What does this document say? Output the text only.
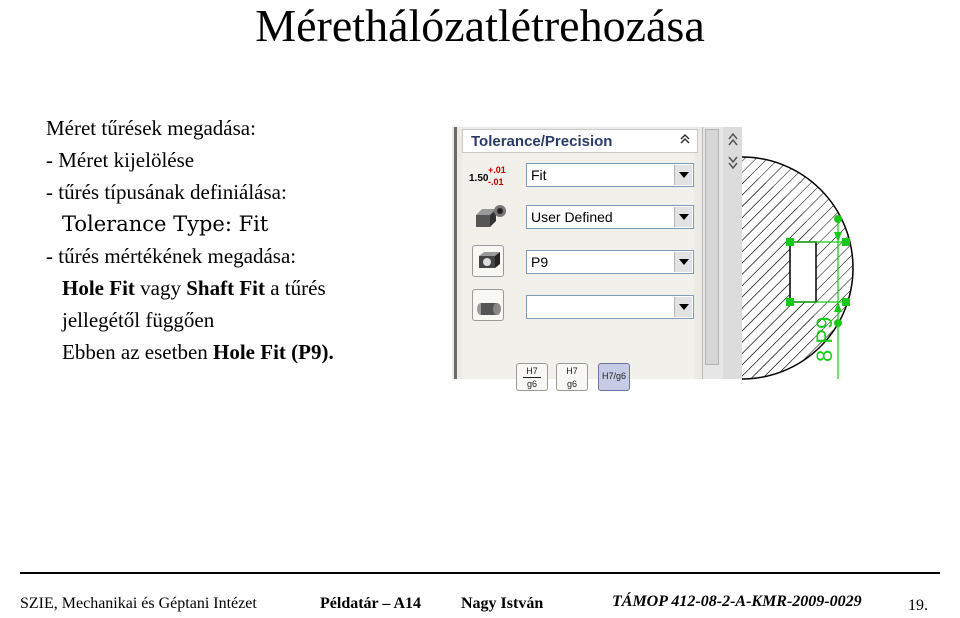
Mérethálózatlétrehozása
Méret tűrések megadása:
- Méret kijelölése
- tűrés típusának definiálása:
Tolerance Type: Fit
- tűrés mértékének megadása:
Hole Fit vagy Shaft Fit a tűrés
jellegétől függően
Ebben az esetben Hole Fit (P9).
Tolerance/Precision
1.50
+.01
-.01 Fit
User Defined
P9
H7
g6
H7
g6
H7/g6
8 P9
SZIE, Mechanikai és Géptani Intézet	Példatár – A14 Nagy István	TÁMOP 412-08-2-A-KMR-2009-0029	19.
